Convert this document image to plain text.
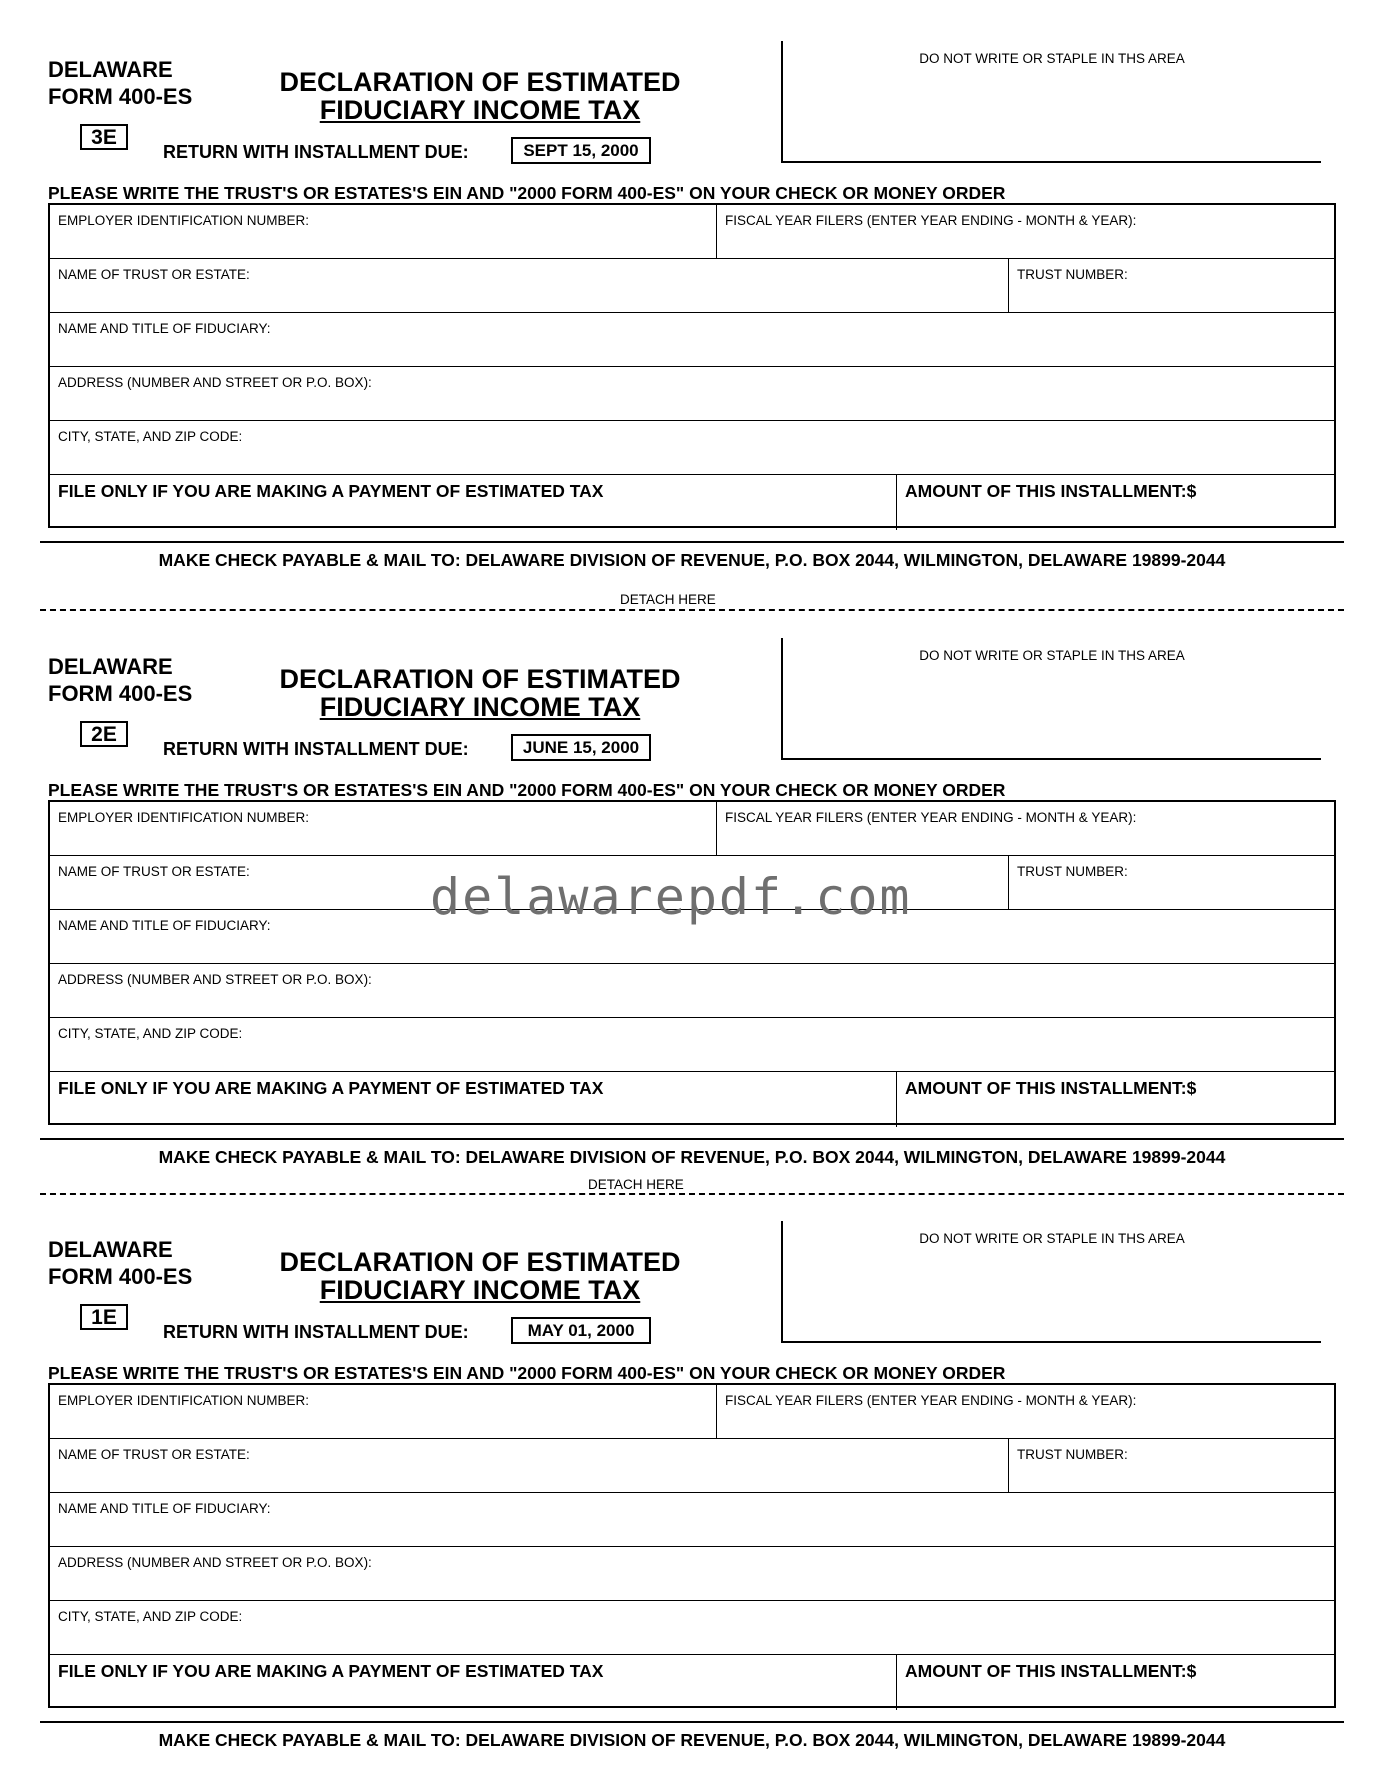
DELAWARE
FORM 400-ES
3E
DECLARATION OF ESTIMATED
FIDUCIARY INCOME TAX
RETURN WITH INSTALLMENT DUE:	SEPT 15, 2000
DO NOT WRITE OR STAPLE IN THS AREA
PLEASE WRITE THE TRUST'S OR ESTATES'S EIN AND "2000 FORM 400-ES" ON YOUR CHECK OR MONEY ORDER
EMPLOYER IDENTIFICATION NUMBER:	FISCAL YEAR FILERS (ENTER YEAR ENDING - MONTH & YEAR):
NAME OF TRUST OR ESTATE:	TRUST NUMBER:
NAME AND TITLE OF FIDUCIARY:
ADDRESS (NUMBER AND STREET OR P.O. BOX):
CITY, STATE, AND ZIP CODE:
FILE ONLY IF YOU ARE MAKING A PAYMENT OF ESTIMATED TAX	AMOUNT OF THIS INSTALLMENT:$
MAKE CHECK PAYABLE & MAIL TO: DELAWARE DIVISION OF REVENUE, P.O. BOX 2044, WILMINGTON, DELAWARE 19899-2044
DETACH HERE
DELAWARE
FORM 400-ES
2E
DECLARATION OF ESTIMATED
FIDUCIARY INCOME TAX
RETURN WITH INSTALLMENT DUE:	JUNE 15, 2000
DO NOT WRITE OR STAPLE IN THS AREA
PLEASE WRITE THE TRUST'S OR ESTATES'S EIN AND "2000 FORM 400-ES" ON YOUR CHECK OR MONEY ORDER
EMPLOYER IDENTIFICATION NUMBER:	FISCAL YEAR FILERS (ENTER YEAR ENDING - MONTH & YEAR):
NAME OF TRUST OR ESTATE:	TRUST NUMBER:
NAME AND TITLE OF FIDUCIARY:
ADDRESS (NUMBER AND STREET OR P.O. BOX):
CITY, STATE, AND ZIP CODE:
FILE ONLY IF YOU ARE MAKING A PAYMENT OF ESTIMATED TAX	AMOUNT OF THIS INSTALLMENT:$
MAKE CHECK PAYABLE & MAIL TO: DELAWARE DIVISION OF REVENUE, P.O. BOX 2044, WILMINGTON, DELAWARE 19899-2044
DETACH HERE
DELAWARE
FORM 400-ES
1E
DECLARATION OF ESTIMATED
FIDUCIARY INCOME TAX
RETURN WITH INSTALLMENT DUE:	MAY 01, 2000
DO NOT WRITE OR STAPLE IN THS AREA
PLEASE WRITE THE TRUST'S OR ESTATES'S EIN AND "2000 FORM 400-ES" ON YOUR CHECK OR MONEY ORDER
EMPLOYER IDENTIFICATION NUMBER:	FISCAL YEAR FILERS (ENTER YEAR ENDING - MONTH & YEAR):
NAME OF TRUST OR ESTATE:	TRUST NUMBER:
NAME AND TITLE OF FIDUCIARY:
ADDRESS (NUMBER AND STREET OR P.O. BOX):
CITY, STATE, AND ZIP CODE:
FILE ONLY IF YOU ARE MAKING A PAYMENT OF ESTIMATED TAX	AMOUNT OF THIS INSTALLMENT:$
MAKE CHECK PAYABLE & MAIL TO: DELAWARE DIVISION OF REVENUE, P.O. BOX 2044, WILMINGTON, DELAWARE 19899-2044
delawarepdf.com
